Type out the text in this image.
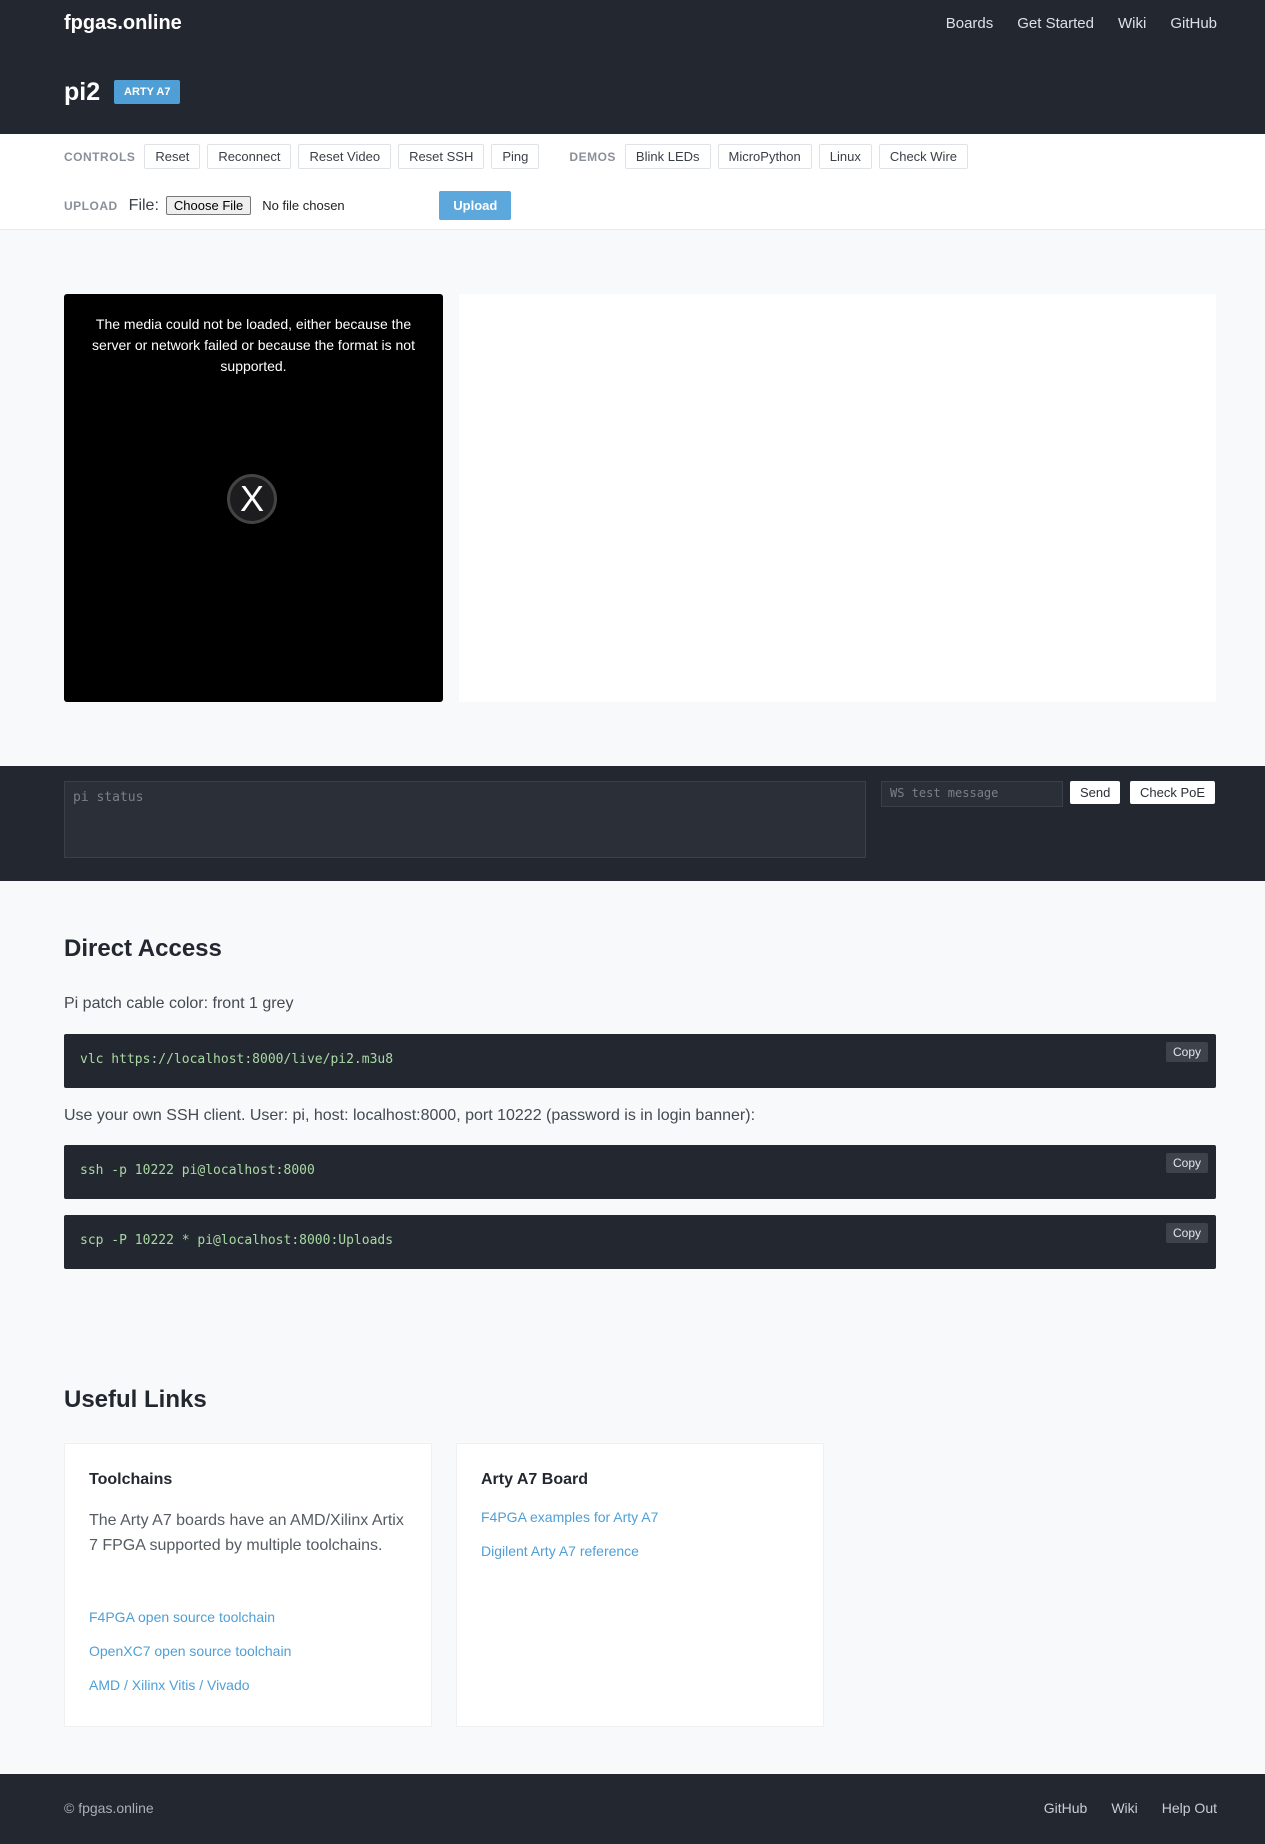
fpgas.online	Boards Get Started Wiki GitHub
pi2	ARTY A7
CONTROLS	Reset	Reconnect	Reset Video	Reset SSH	Ping	DEMOS	Blink LEDs	MicroPython	Linux	Check Wire
UPLOAD File:	Choose File	No file chosen	Upload
The media could not be loaded, either because the server or network failed or because the format is not supported.
X
pi status	WS test message	Send	Check PoE
Direct Access
Pi patch cable color: front 1 grey
vlc https://localhost:8000/live/pi2.m3u8	Copy
Use your own SSH client. User: pi, host: localhost:8000, port 10222 (password is in login banner):
ssh -p 10222 pi@localhost:8000	Copy
scp -P 10222 * pi@localhost:8000:Uploads	Copy
Useful Links
Toolchains
The Arty A7 boards have an AMD/Xilinx Artix 7 FPGA supported by multiple toolchains.
F4PGA open source toolchain
OpenXC7 open source toolchain
AMD / Xilinx Vitis / Vivado
Arty A7 Board
F4PGA examples for Arty A7
Digilent Arty A7 reference
© fpgas.online	GitHub Wiki Help Out
